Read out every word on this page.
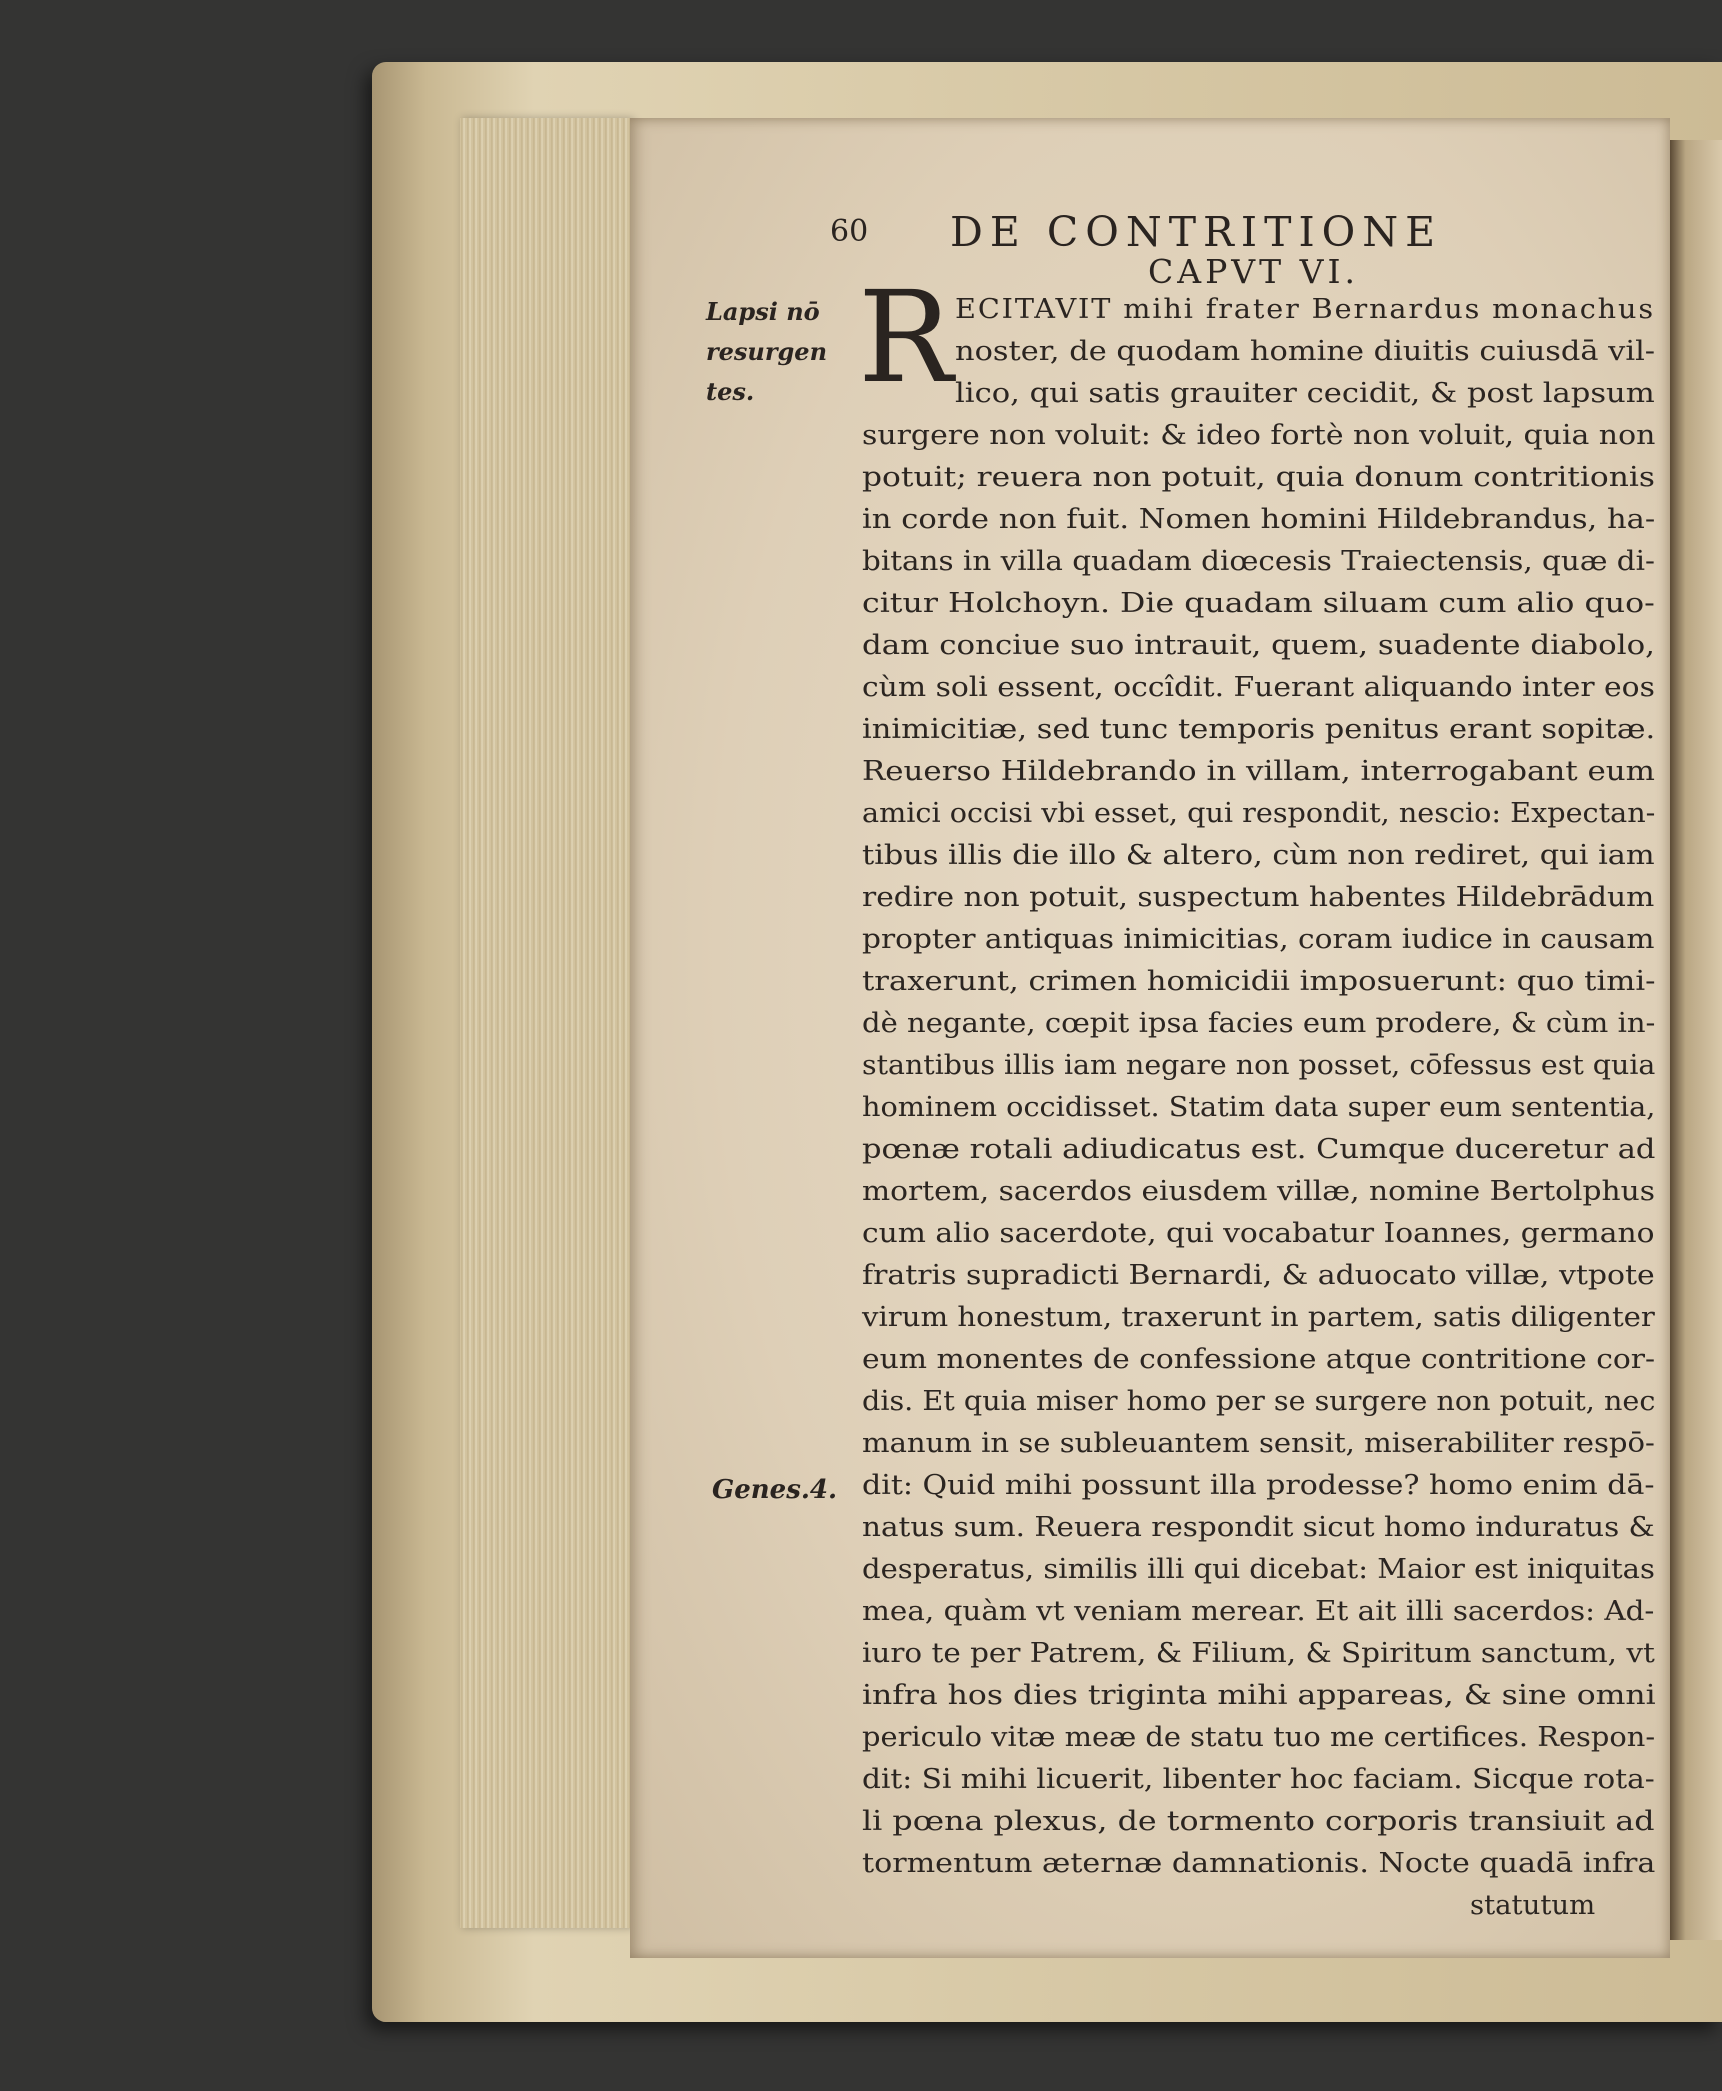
60 DE CONTRITIONE
CAPVT VI.
R
Lapsi nō
resurgen
tes.
Genes.4.
ECITAVIT mihi frater Bernardus monachus
noster, de quodam homine diuitis cuiusdā vil-
lico, qui satis grauiter cecidit, & post lapsum
surgere non voluit: & ideo fortè non voluit, quia non
potuit; reuera non potuit, quia donum contritionis
in corde non fuit. Nomen homini Hildebrandus, ha-
bitans in villa quadam diœcesis Traiectensis, quæ di-
citur Holchoyn. Die quadam siluam cum alio quo-
dam conciue suo intrauit, quem, suadente diabolo,
cùm soli essent, occîdit. Fuerant aliquando inter eos
inimicitiæ, sed tunc temporis penitus erant sopitæ.
Reuerso Hildebrando in villam, interrogabant eum
amici occisi vbi esset, qui respondit, nescio: Expectan-
tibus illis die illo & altero, cùm non rediret, qui iam
redire non potuit, suspectum habentes Hildebrādum
propter antiquas inimicitias, coram iudice in causam
traxerunt, crimen homicidii imposuerunt: quo timi-
dè negante, cœpit ipsa facies eum prodere, & cùm in-
stantibus illis iam negare non posset, cōfessus est quia
hominem occidisset. Statim data super eum sententia,
pœnæ rotali adiudicatus est. Cumque duceretur ad
mortem, sacerdos eiusdem villæ, nomine Bertolphus
cum alio sacerdote, qui vocabatur Ioannes, germano
fratris supradicti Bernardi, & aduocato villæ, vtpote
virum honestum, traxerunt in partem, satis diligenter
eum monentes de confessione atque contritione cor-
dis. Et quia miser homo per se surgere non potuit, nec
manum in se subleuantem sensit, miserabiliter respō-
dit: Quid mihi possunt illa prodesse? homo enim dā-
natus sum. Reuera respondit sicut homo induratus &
desperatus, similis illi qui dicebat: Maior est iniquitas
mea, quàm vt veniam merear. Et ait illi sacerdos: Ad-
iuro te per Patrem, & Filium, & Spiritum sanctum, vt
infra hos dies triginta mihi appareas, & sine omni
periculo vitæ meæ de statu tuo me certifices. Respon-
dit: Si mihi licuerit, libenter hoc faciam. Sicque rota-
li pœna plexus, de tormento corporis transiuit ad
tormentum æternæ damnationis. Nocte quadā infra
statutum
